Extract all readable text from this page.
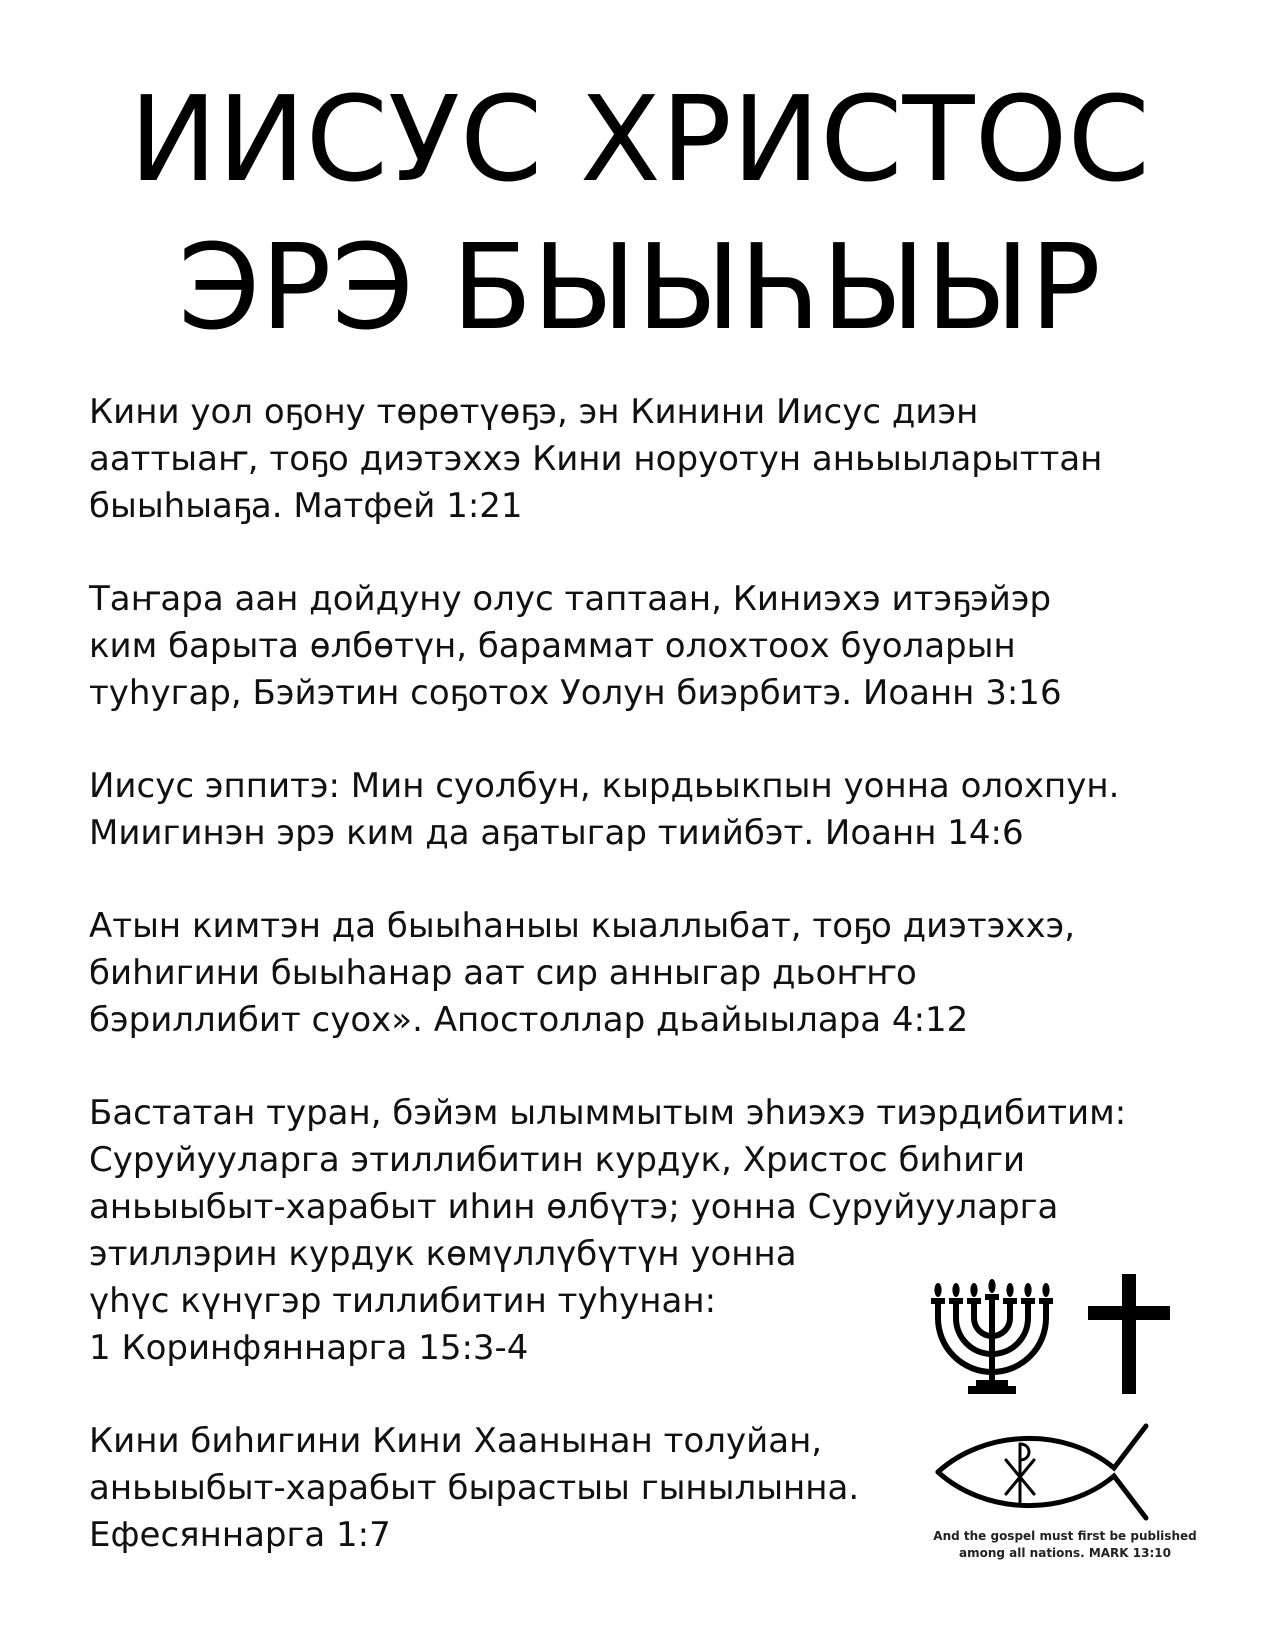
ИИСУС ХРИСТОС
ЭРЭ БЫЫҺЫЫР
Кини уол оҕону төрөтүөҕэ, эн Кинини Иисус диэн
ааттыаҥ, тоҕо диэтэххэ Кини норуотун аньыыларыттан
быыһыаҕа. Матфей 1:21
Таҥара аан дойдуну олус таптаан, Киниэхэ итэҕэйэр
ким барыта өлбөтүн, бараммат олохтоох буоларын
туһугар, Бэйэтин соҕотох Уолун биэрбитэ. Иоанн 3:16
Иисус эппитэ: Мин суолбун, кырдьыкпын уонна олохпун.
Миигинэн эрэ ким да аҕатыгар тиийбэт. Иоанн 14:6
Атын кимтэн да быыһаныы кыаллыбат, тоҕо диэтэххэ,
биһигини быыһанар аат сир анныгар дьоҥҥо
бэриллибит суох». Апостоллар дьайыылара 4:12
Бастатан туран, бэйэм ылыммытым эһиэхэ тиэрдибитим:
Суруйууларга этиллибитин курдук, Христос биһиги
аньыыбыт-харабыт иһин өлбүтэ; уонна Суруйууларга
этиллэрин курдук көмүллүбүтүн уонна
үһүс күнүгэр тиллибитин туһунан:
1 Коринфяннарга 15:3-4
Кини биһигини Кини Хаанынан толуйан,
аньыыбыт-харабыт бырастыы гынылынна.
Ефесяннарга 1:7	And the gospel must first be published
among all nations. MARK 13:10
